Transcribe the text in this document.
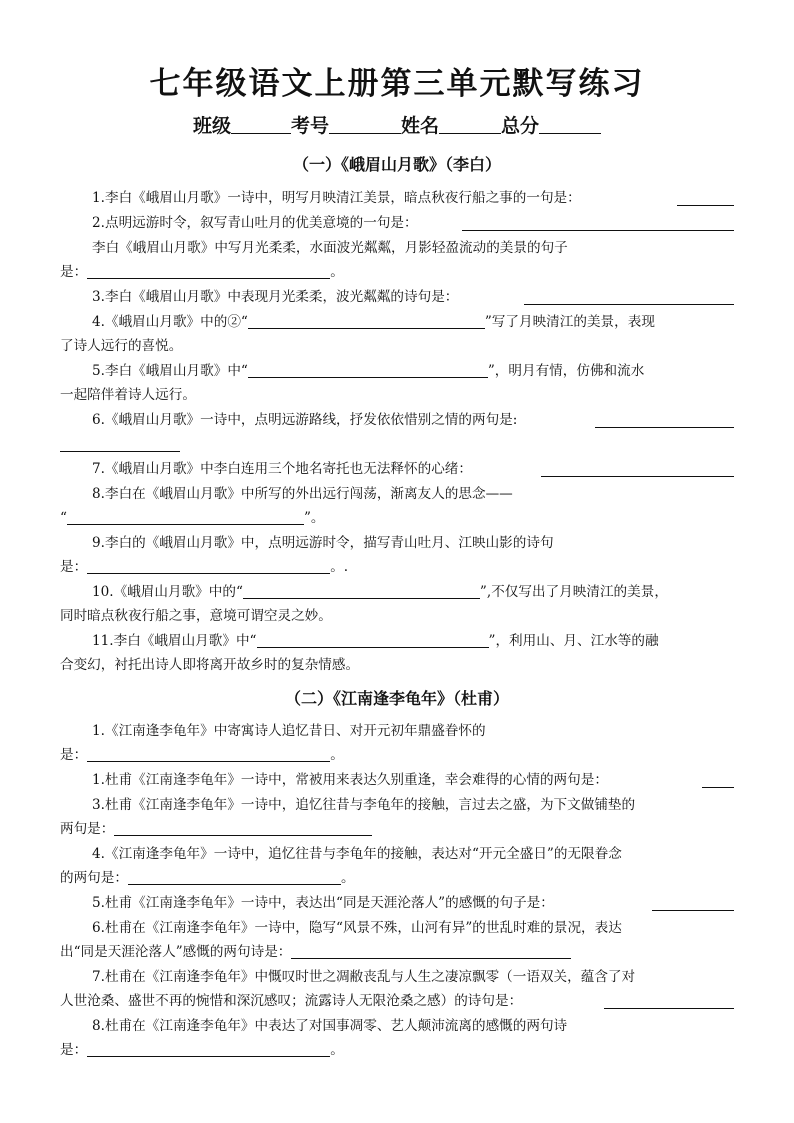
七年级语文上册第三单元默写练习
班级	考号	姓名	总分
（一）《峨眉山月歌》（李白）
1.李白《峨眉山月歌》一诗中，明写月映清江美景，暗点秋夜行船之事的一句是：
2.点明远游时令，叙写青山吐月的优美意境的一句是：
李白《峨眉山月歌》中写月光柔柔，水面波光粼粼，月影轻盈流动的美景的句子
是：	。
3.李白《峨眉山月歌》中表现月光柔柔，波光粼粼的诗句是：
4.《峨眉山月歌》中的②“	”写了月映清江的美景，表现
了诗人远行的喜悦。
5.李白《峨眉山月歌》中“	”，明月有情，仿佛和流水
一起陪伴着诗人远行。
6.《峨眉山月歌》一诗中，点明远游路线，抒发依依惜别之情的两句是:
7.《峨眉山月歌》中李白连用三个地名寄托也无法释怀的心绪：
8.李白在《峨眉山月歌》中所写的外出远行闯荡，渐离友人的思念——
“	”。
9.李白的《峨眉山月歌》中，点明远游时令，描写青山吐月、江映山影的诗句
是：	。.
10.《峨眉山月歌》中的“	”,不仅写出了月映清江的美景，
同时暗点秋夜行船之事，意境可谓空灵之妙。
11.李白《峨眉山月歌》中“	”，利用山、月、江水等的融
合变幻，衬托出诗人即将离开故乡时的复杂情感。
（二）《江南逢李龟年》（杜甫）
1.《江南逢李龟年》中寄寓诗人追忆昔日、对开元初年鼎盛眷怀的
是：	。
1.杜甫《江南逢李龟年》一诗中，常被用来表达久别重逢，幸会难得的心情的两句是：
3.杜甫《江南逢李龟年》一诗中，追忆往昔与李龟年的接触，言过去之盛，为下文做铺垫的
两句是：
4.《江南逢李龟年》一诗中，追忆往昔与李龟年的接触，表达对“开元全盛日”的无限眷念
的两句是：	。
5.杜甫《江南逢李龟年》一诗中，表达出“同是天涯沦落人”的感慨的句子是：
6.杜甫在《江南逢李龟年》一诗中，隐写“风景不殊，山河有异”的世乱时难的景况，表达
出“同是天涯沦落人”感慨的两句诗是：
7.杜甫在《江南逢李龟年》中慨叹时世之凋敝丧乱与人生之凄凉飘零（一语双关，蕴含了对
人世沧桑、盛世不再的惋惜和深沉感叹；流露诗人无限沧桑之感）的诗句是：
8.杜甫在《江南逢李龟年》中表达了对国事凋零、艺人颠沛流离的感慨的两句诗
是：	。
